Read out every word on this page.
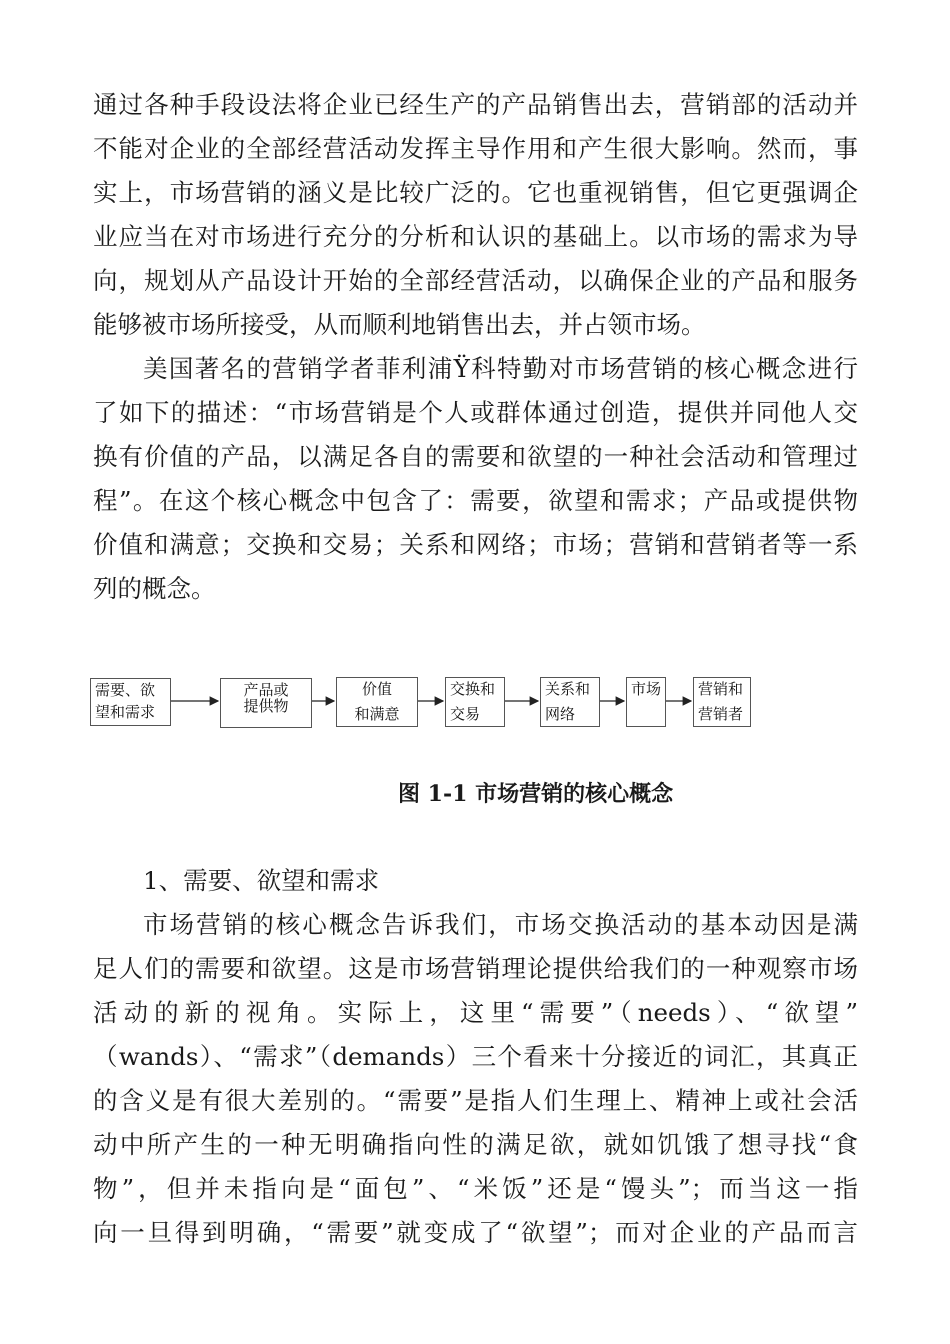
通过各种手段设法将企业已经生产的产品销售出去，营销部的活动并
不能对企业的全部经营活动发挥主导作用和产生很大影响。然而，事
实上，市场营销的涵义是比较广泛的。它也重视销售，但它更强调企
业应当在对市场进行充分的分析和认识的基础上。以市场的需求为导
向，规划从产品设计开始的全部经营活动，以确保企业的产品和服务
能够被市场所接受，从而顺利地销售出去，并占领市场。
美国著名的营销学者菲利浦Ÿ科特勤对市场营销的核心概念进行
了如下的描述：“市场营销是个人或群体通过创造，提供并同他人交
换有价值的产品，以满足各自的需要和欲望的一种社会活动和管理过
程”。在这个核心概念中包含了：需要，欲望和需求；产品或提供物
价值和满意；交换和交易；关系和网络；市场；营销和营销者等一系
列的概念。
需要、欲
望和需求
产品或
提供物
价值
和满意
交换和
交易
关系和
网络
市场 营销和
营销者
图 1-1 市场营销的核心概念
1、需要、欲望和需求
市场营销的核心概念告诉我们，市场交换活动的基本动因是满
足人们的需要和欲望。这是市场营销理论提供给我们的一种观察市场
活动的新的视角。实际上，这里“需要”（needs）、“欲望”
（wands）、“需求”（demands）三个看来十分接近的词汇，其真正
的含义是有很大差别的。“需要”是指人们生理上、精神上或社会活
动中所产生的一种无明确指向性的满足欲，就如饥饿了想寻找“食
物”，但并未指向是“面包”、“米饭”还是“馒头”；而当这一指
向一旦得到明确，“需要”就变成了“欲望”；而对企业的产品而言
